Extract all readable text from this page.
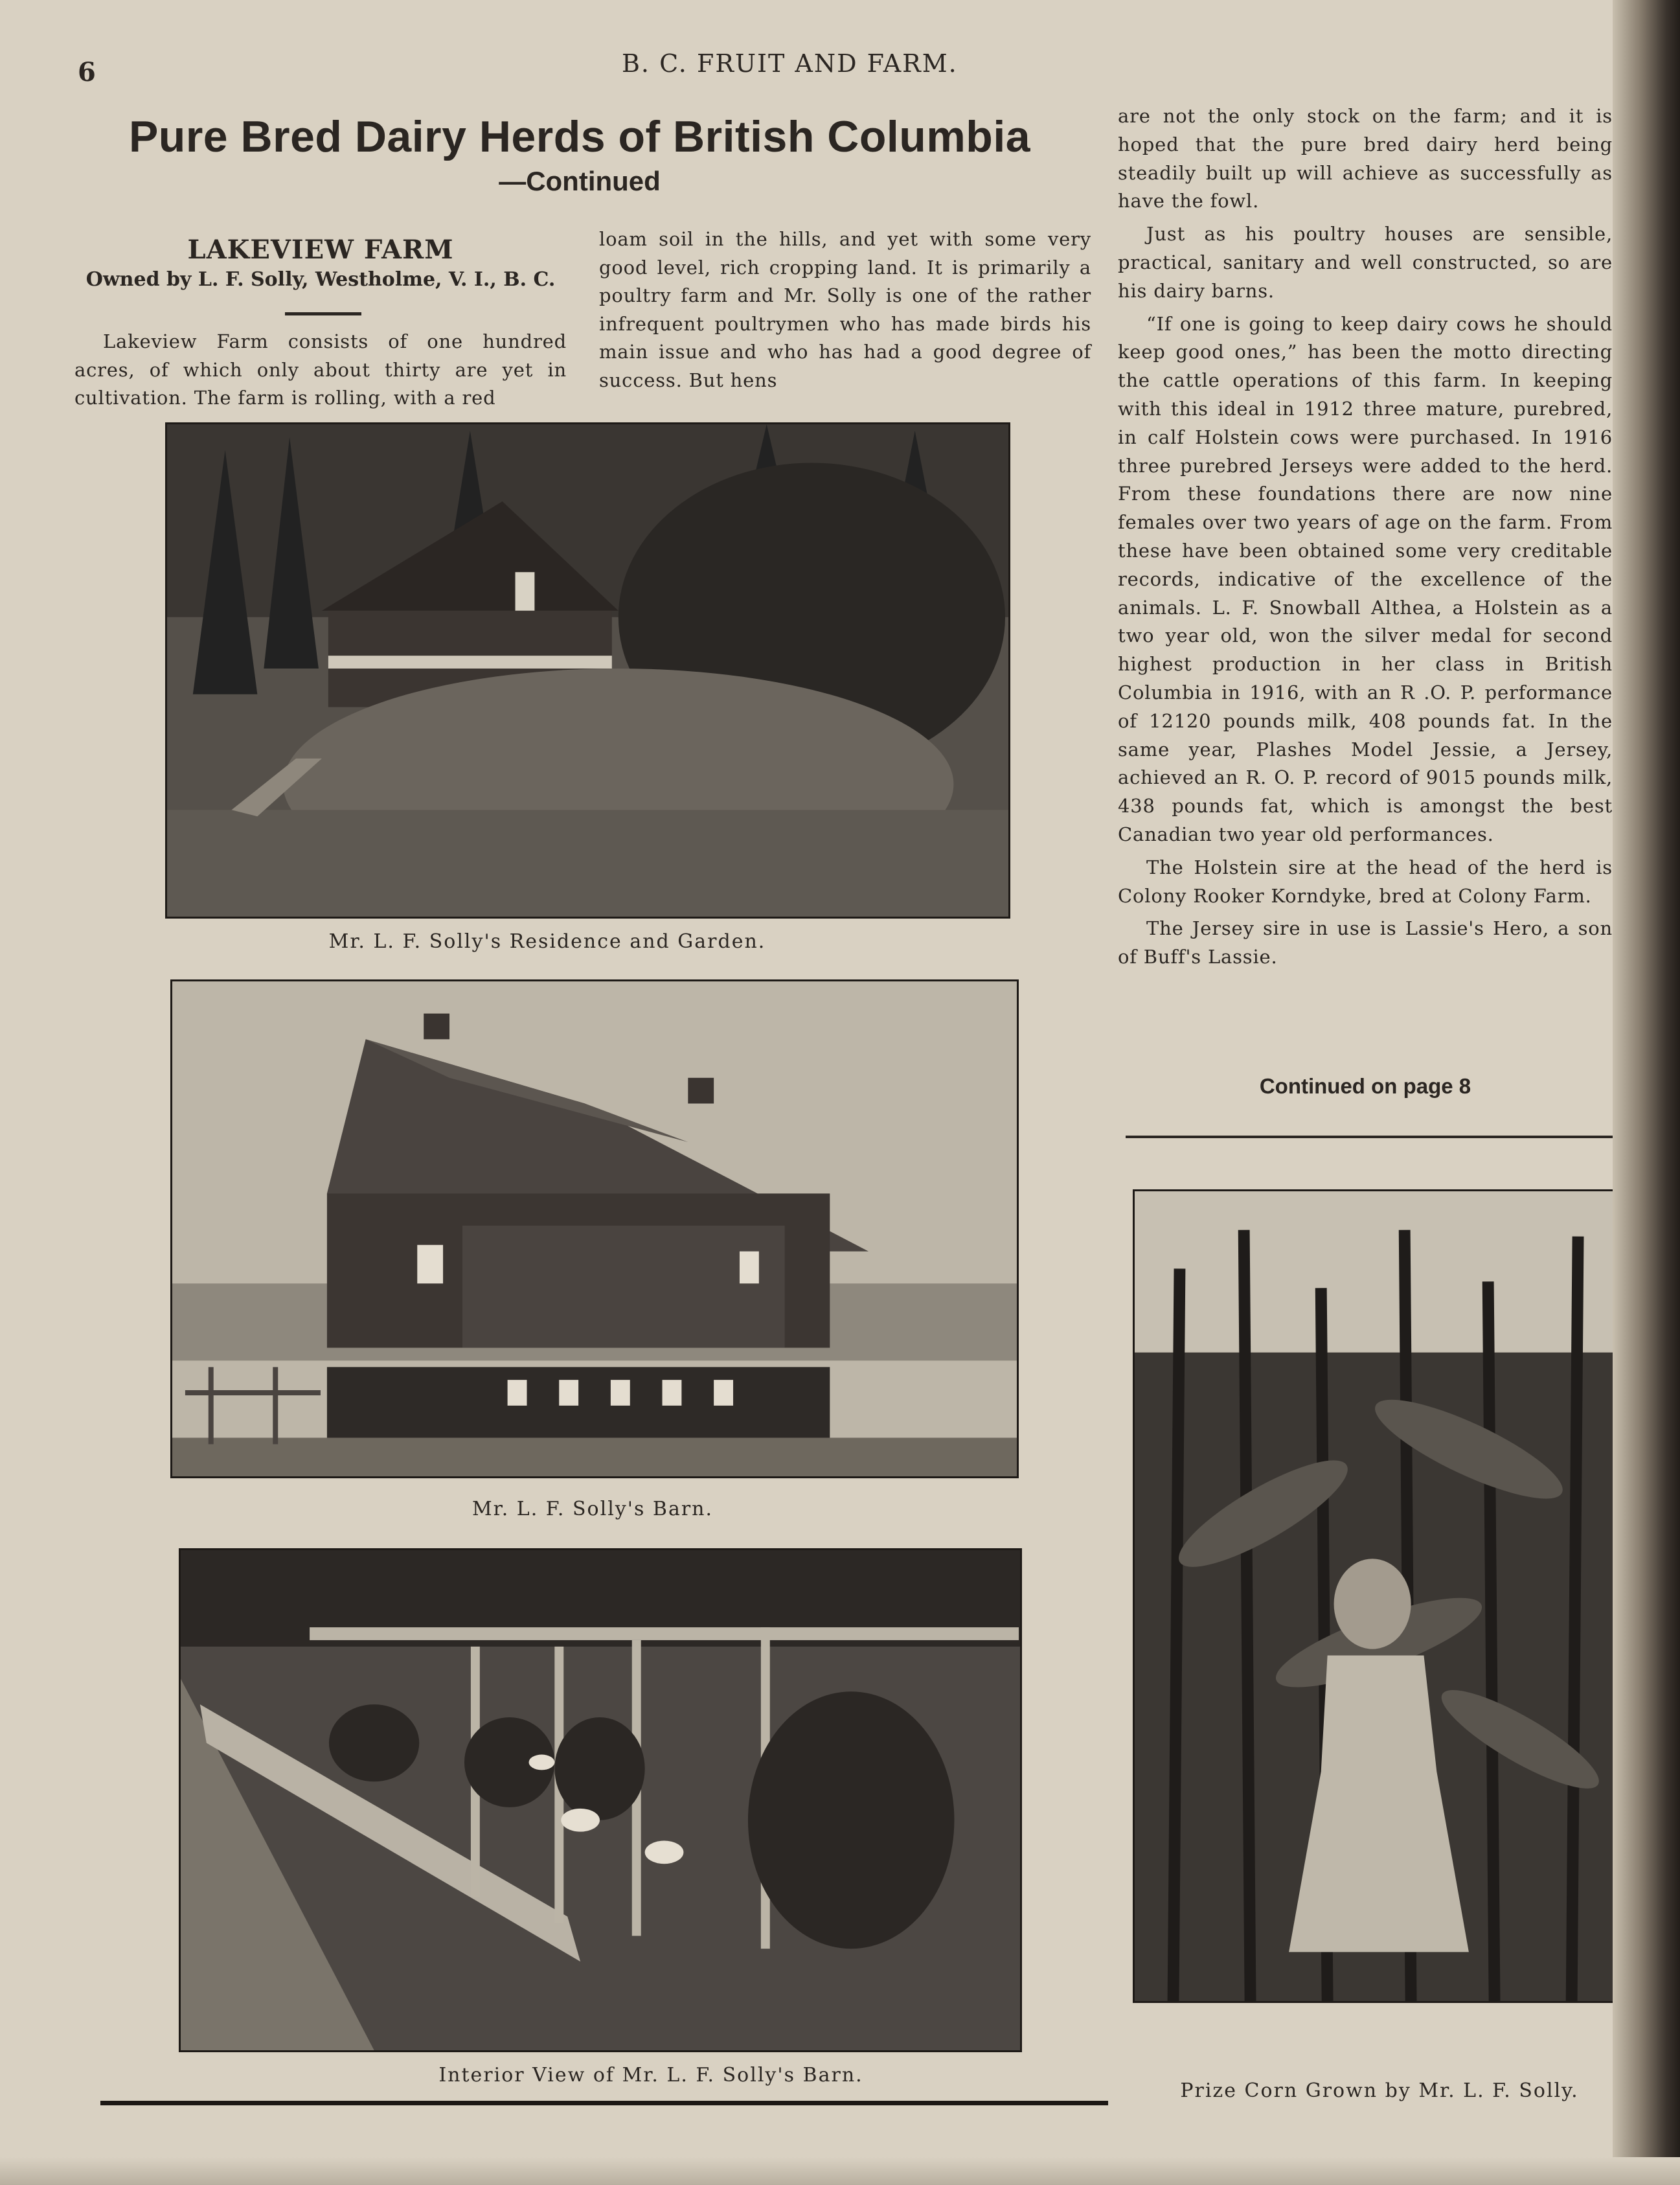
6	B. C. FRUIT AND FARM.
Pure Bred Dairy Herds of British Columbia
—Continued
LAKEVIEW FARM
Owned by L. F. Solly, Westholme, V. I., B. C.

Lakeview Farm consists of one hundred acres, of which only about thirty are yet in cultivation. The farm is rolling, with a red

loam soil in the hills, and yet with some very good level, rich cropping land. It is primarily a poultry farm and Mr. Solly is one of the rather infrequent poultrymen who has made birds his main issue and who has had a good degree of success. But hens

are not the only stock on the farm; and it is hoped that the pure bred dairy herd being steadily built up will achieve as successfully as have the fowl.

Just as his poultry houses are sensible, practical, sanitary and well constructed, so are his dairy barns.

“If one is going to keep dairy cows he should keep good ones,” has been the motto directing the cattle operations of this farm. In keeping with this ideal in 1912 three mature, purebred, in calf Holstein cows were purchased. In 1916 three purebred Jerseys were added to the herd. From these foundations there are now nine females over two years of age on the farm. From these have been obtained some very creditable records, indicative of the excellence of the animals. L. F. Snowball Althea, a Holstein as a two year old, won the silver medal for second highest production in her class in British Columbia in 1916, with an R .O. P. performance of 12120 pounds milk, 408 pounds fat. In the same year, Plashes Model Jessie, a Jersey, achieved an R. O. P. record of 9015 pounds milk, 438 pounds fat, which is amongst the best Canadian two year old performances.

The Holstein sire at the head of the herd is Colony Rooker Korndyke, bred at Colony Farm.

The Jersey sire in use is Lassie's Hero, a son of Buff's Lassie.

Continued on page 8
Mr. L. F. Solly's Residence and Garden.
Mr. L. F. Solly's Barn.
Interior View of Mr. L. F. Solly's Barn.
Prize Corn Grown by Mr. L. F. Solly.
